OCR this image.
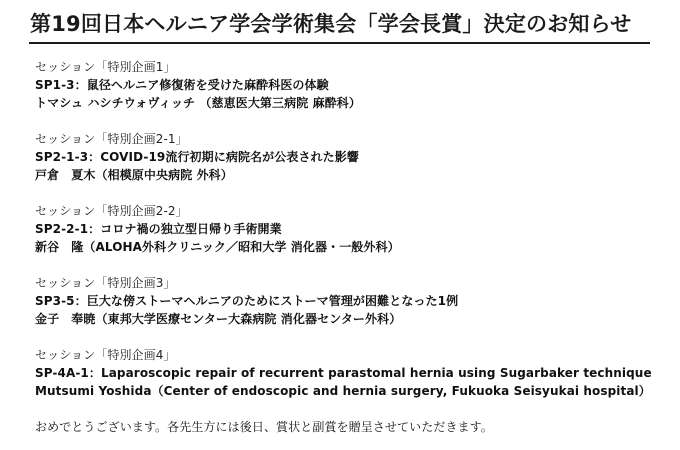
第19回日本ヘルニア学会学術集会「学会長賞」決定のお知らせ
セッション「特別企画1」
SP1-3：鼠径ヘルニア修復術を受けた麻酔科医の体験
トマシュ ハシチウォヴィッチ （慈恵医大第三病院 麻酔科）
セッション「特別企画2-1」
SP2-1-3：COVID-19流行初期に病院名が公表された影響
戸倉　夏木（相模原中央病院 外科）
セッション「特別企画2-2」
SP2-2-1：コロナ禍の独立型日帰り手術開業
新谷　隆（ALOHA外科クリニック／昭和大学 消化器・一般外科）
セッション「特別企画3」
SP3-5：巨大な傍ストーマヘルニアのためにストーマ管理が困難となった1例
金子　奉暁（東邦大学医療センター大森病院 消化器センター外科）
セッション「特別企画4」
SP-4A-1：Laparoscopic repair of recurrent parastomal hernia using Sugarbaker technique
Mutsumi Yoshida（Center of endoscopic and hernia surgery, Fukuoka Seisyukai hospital）
おめでとうございます。各先生方には後日、賞状と副賞を贈呈させていただきます。
